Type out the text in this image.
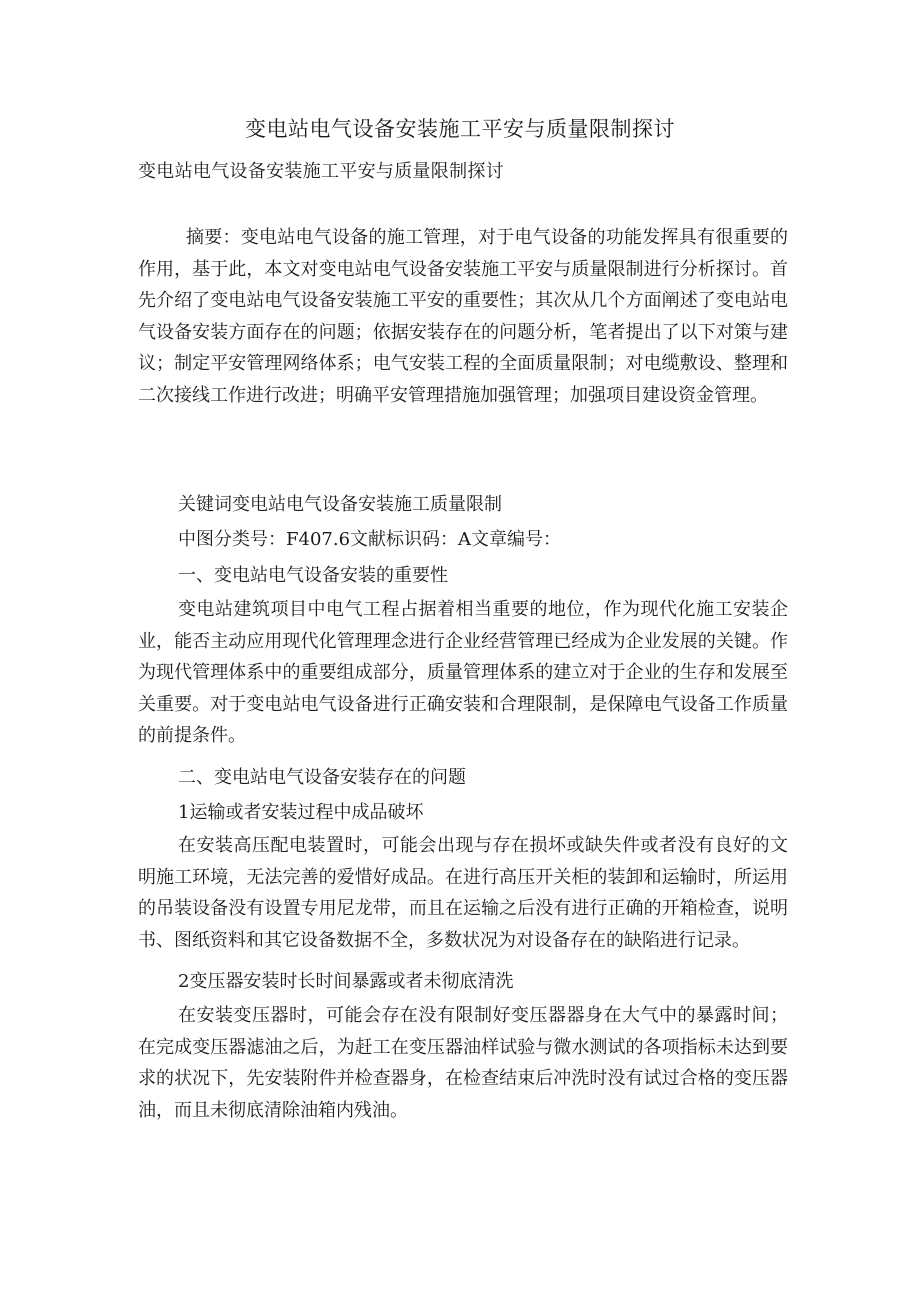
变电站电气设备安装施工平安与质量限制探讨
变电站电气设备安装施工平安与质量限制探讨

摘要：变电站电气设备的施工管理，对于电气设备的功能发挥具有很重要的作用，基于此，本文对变电站电气设备安装施工平安与质量限制进行分析探讨。首先介绍了变电站电气设备安装施工平安的重要性；其次从几个方面阐述了变电站电气设备安装方面存在的问题；依据安装存在的问题分析，笔者提出了以下对策与建议；制定平安管理网络体系；电气安装工程的全面质量限制；对电缆敷设、整理和二次接线工作进行改进；明确平安管理措施加强管理；加强项目建设资金管理。

关键词变电站电气设备安装施工质量限制
中图分类号：F407.6文献标识码：A文章编号：
一、变电站电气设备安装的重要性

变电站建筑项目中电气工程占据着相当重要的地位，作为现代化施工安装企业，能否主动应用现代化管理理念进行企业经营管理已经成为企业发展的关键。作为现代管理体系中的重要组成部分，质量管理体系的建立对于企业的生存和发展至关重要。对于变电站电气设备进行正确安装和合理限制，是保障电气设备工作质量的前提条件。

二、变电站电气设备安装存在的问题
1运输或者安装过程中成品破坏

在安装高压配电装置时，可能会出现与存在损坏或缺失件或者没有良好的文明施工环境，无法完善的爱惜好成品。在进行高压开关柜的装卸和运输时，所运用的吊装设备没有设置专用尼龙带，而且在运输之后没有进行正确的开箱检查，说明书、图纸资料和其它设备数据不全，多数状况为对设备存在的缺陷进行记录。

2变压器安装时长时间暴露或者未彻底清洗

在安装变压器时，可能会存在没有限制好变压器器身在大气中的暴露时间；在完成变压器滤油之后，为赶工在变压器油样试验与微水测试的各项指标未达到要求的状况下，先安装附件并检查器身，在检查结束后冲洗时没有试过合格的变压器油，而且未彻底清除油箱内残油。
